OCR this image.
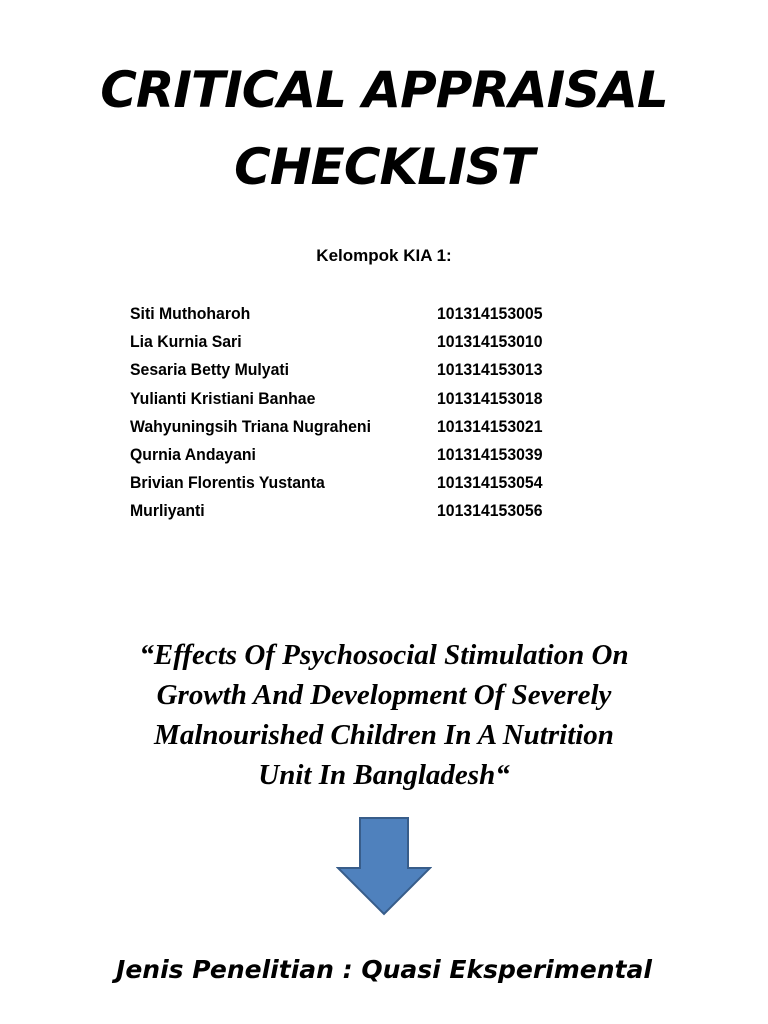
CRITICAL APPRAISAL
CHECKLIST
Kelompok KIA 1:
Siti Muthoharoh	101314153005
Lia Kurnia Sari	101314153010
Sesaria Betty Mulyati	101314153013
Yulianti Kristiani Banhae	101314153018
Wahyuningsih Triana Nugraheni	101314153021
Qurnia Andayani	101314153039
Brivian Florentis Yustanta	101314153054
Murliyanti	101314153056
“Effects Of Psychosocial Stimulation On
Growth And Development Of Severely
Malnourished Children In A Nutrition
Unit In Bangladesh“
Jenis Penelitian : Quasi Eksperimental
